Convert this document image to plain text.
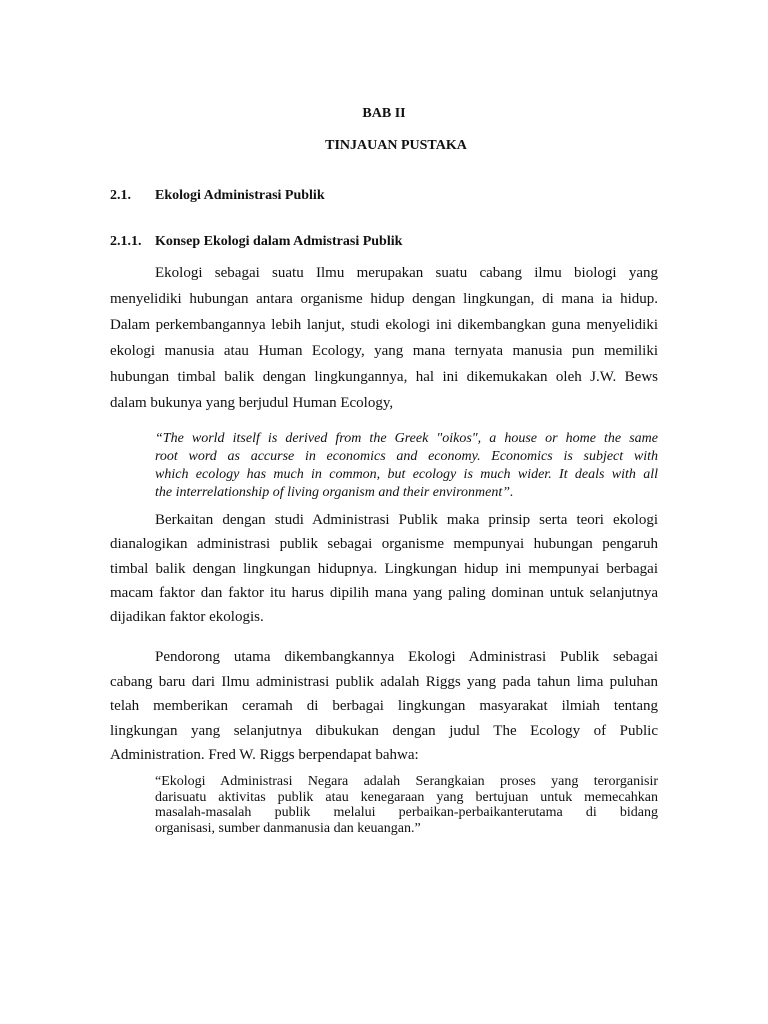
BAB II
TINJAUAN PUSTAKA
2.1. Ekologi Administrasi Publik
2.1.1. Konsep Ekologi dalam Admistrasi Publik
Ekologi sebagai suatu Ilmu merupakan suatu cabang ilmu biologi yang
menyelidiki hubungan antara organisme hidup dengan lingkungan, di mana ia hidup.
Dalam perkembangannya lebih lanjut, studi ekologi ini dikembangkan guna menyelidiki
ekologi manusia atau Human Ecology, yang mana ternyata manusia pun memiliki
hubungan timbal balik dengan lingkungannya, hal ini dikemukakan oleh J.W. Bews
dalam bukunya yang berjudul Human Ecology,
“The world itself is derived from the Greek "oikos", a house or home the same
root word as accurse in economics and economy. Economics is subject with
which ecology has much in common, but ecology is much wider. It deals with all
the interrelationship of living organism and their environment”.
Berkaitan dengan studi Administrasi Publik maka prinsip serta teori ekologi
dianalogikan administrasi publik sebagai organisme mempunyai hubungan pengaruh
timbal balik dengan lingkungan hidupnya. Lingkungan hidup ini mempunyai berbagai
macam faktor dan faktor itu harus dipilih mana yang paling dominan untuk selanjutnya
dijadikan faktor ekologis.
Pendorong utama dikembangkannya Ekologi Administrasi Publik sebagai
cabang baru dari Ilmu administrasi publik adalah Riggs yang pada tahun lima puluhan
telah memberikan ceramah di berbagai lingkungan masyarakat ilmiah tentang
lingkungan yang selanjutnya dibukukan dengan judul The Ecology of Public
Administration. Fred W. Riggs berpendapat bahwa:
“Ekologi Administrasi Negara adalah Serangkaian proses yang terorganisir
darisuatu aktivitas publik atau kenegaraan yang bertujuan untuk memecahkan
masalah-masalah publik melalui perbaikan-perbaikanterutama di bidang
organisasi, sumber danmanusia dan keuangan.”
